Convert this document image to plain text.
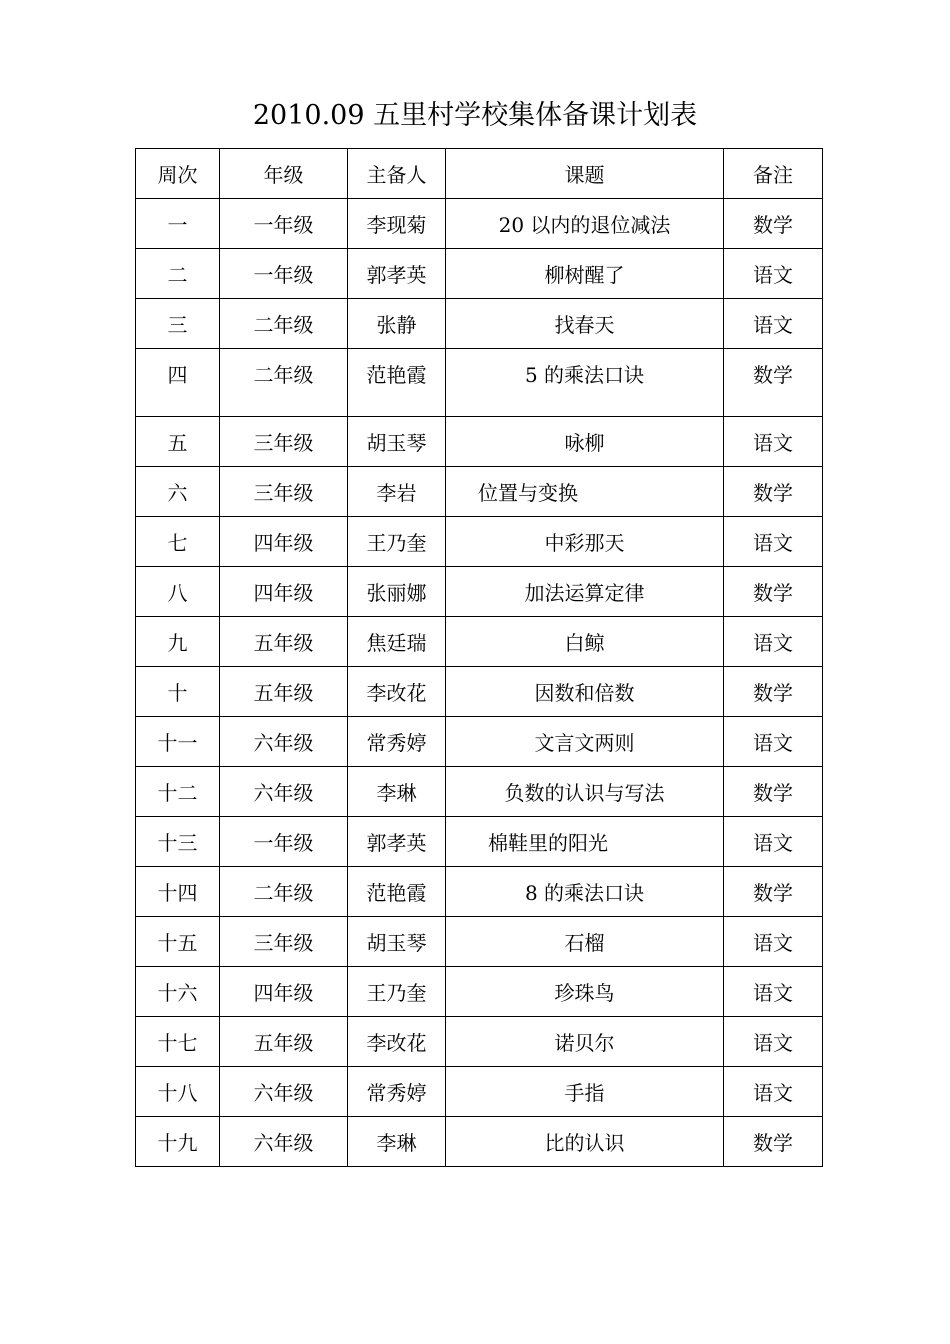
2010.09 五里村学校集体备课计划表
周次	年级	主备人	课题	备注
一	一年级	李现菊	20 以内的退位减法	数学
二	一年级	郭孝英	柳树醒了	语文
三	二年级	张静	找春天	语文
四	二年级	范艳霞	5 的乘法口诀	数学
五	三年级	胡玉琴	咏柳	语文
六	三年级	李岩	位置与变换	数学
七	四年级	王乃奎	中彩那天	语文
八	四年级	张丽娜	加法运算定律	数学
九	五年级	焦廷瑞	白鲸	语文
十	五年级	李改花	因数和倍数	数学
十一	六年级	常秀婷	文言文两则	语文
十二	六年级	李琳	负数的认识与写法	数学
十三	一年级	郭孝英	棉鞋里的阳光	语文
十四	二年级	范艳霞	8 的乘法口诀	数学
十五	三年级	胡玉琴	石榴	语文
十六	四年级	王乃奎	珍珠鸟	语文
十七	五年级	李改花	诺贝尔	语文
十八	六年级	常秀婷	手指	语文
十九	六年级	李琳	比的认识	数学
